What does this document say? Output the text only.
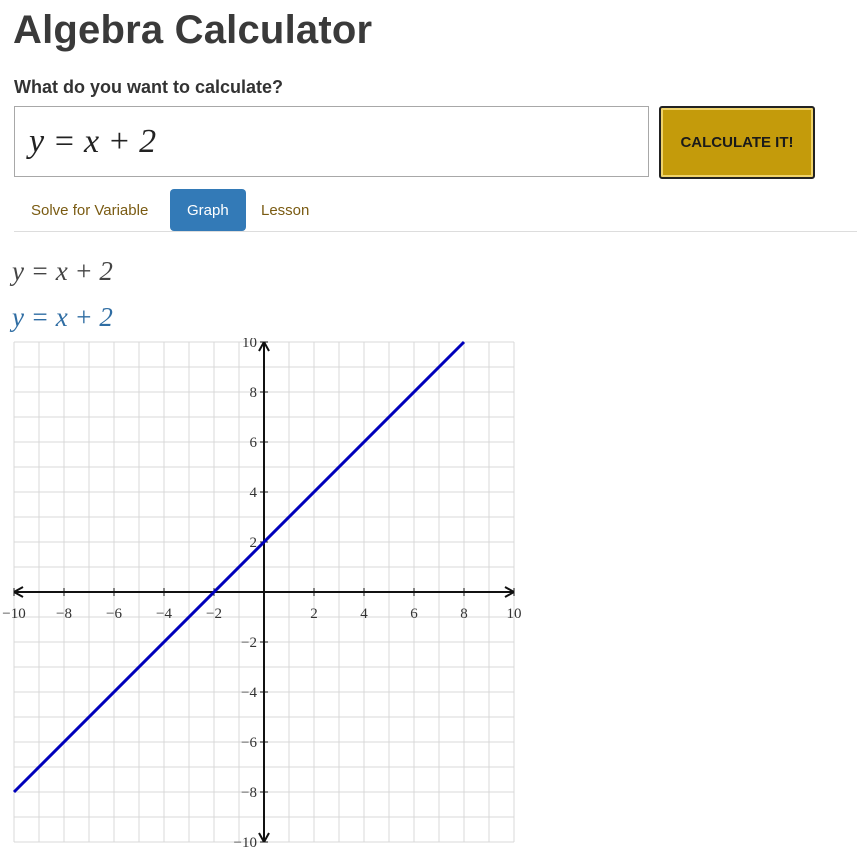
Algebra Calculator
What do you want to calculate?
y = x + 2	CALCULATE IT!
Solve for Variable	Graph	Lesson
y = x + 2
y = x + 2
−10 −8 −6 −4 −2	2	4	6	8	10
−10
−8
−6
−4
−2
2
4
6
8
10
